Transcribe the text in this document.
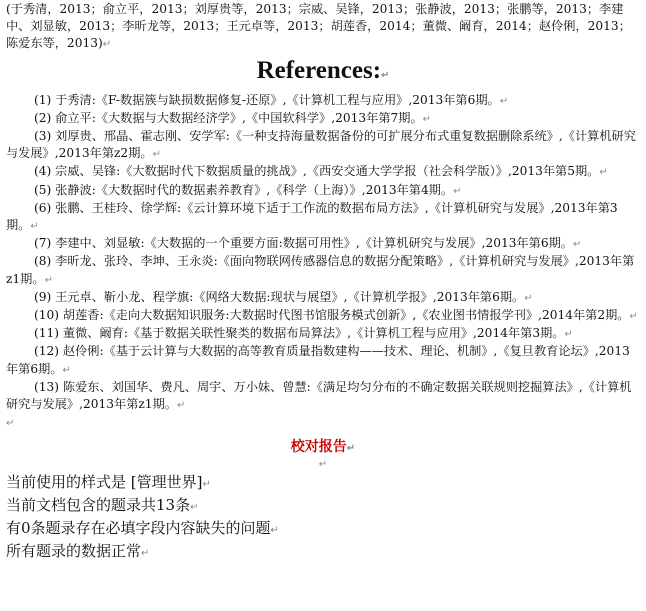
(于秀清，2013；俞立平，2013；刘厚贵等，2013；宗威、吴锋，2013；张静波，2013；张鹏等，2013；李建中、刘显敏，2013；李昕龙等，2013；王元卓等，2013；胡莲香，2014；董微、阚育，2014；赵伶俐，2013；陈爱东等，2013)↵

References:↵

(1) 于秀清:《F-数据簇与缺损数据修复-还原》,《计算机工程与应用》,2013年第6期。↵

(2) 俞立平:《大数据与大数据经济学》,《中国软科学》,2013年第7期。↵

(3) 刘厚贵、邢晶、霍志刚、安学军:《一种支持海量数据备份的可扩展分布式重复数据删除系统》,《计算机研究与发展》,2013年第z2期。↵

(4) 宗威、吴锋:《大数据时代下数据质量的挑战》,《西安交通大学学报（社会科学版）》,2013年第5期。↵

(5) 张静波:《大数据时代的数据素养教育》,《科学（上海）》,2013年第4期。↵

(6) 张鹏、王桂玲、徐学辉:《云计算环境下适于工作流的数据布局方法》,《计算机研究与发展》,2013年第3期。↵

(7) 李建中、刘显敏:《大数据的一个重要方面:数据可用性》,《计算机研究与发展》,2013年第6期。↵

(8) 李昕龙、张玲、李坤、王永炎:《面向物联网传感器信息的数据分配策略》,《计算机研究与发展》,2013年第z1期。↵

(9) 王元卓、靳小龙、程学旗:《网络大数据:现状与展望》,《计算机学报》,2013年第6期。↵

(10) 胡莲香:《走向大数据知识服务:大数据时代图书馆服务模式创新》,《农业图书情报学刊》,2014年第2期。↵

(11) 董微、阚育:《基于数据关联性聚类的数据布局算法》,《计算机工程与应用》,2014年第3期。↵

(12) 赵伶俐:《基于云计算与大数据的高等教育质量指数建构——技术、理论、机制》,《复旦教育论坛》,2013年第6期。↵

(13) 陈爱东、刘国华、费凡、周宇、万小妹、曾慧:《满足均匀分布的不确定数据关联规则挖掘算法》,《计算机研究与发展》,2013年第z1期。↵

↵
校对报告↵
↵

当前使用的样式是 [管理世界]↵

当前文档包含的题录共13条↵

有0条题录存在必填字段内容缺失的问题↵

所有题录的数据正常↵
